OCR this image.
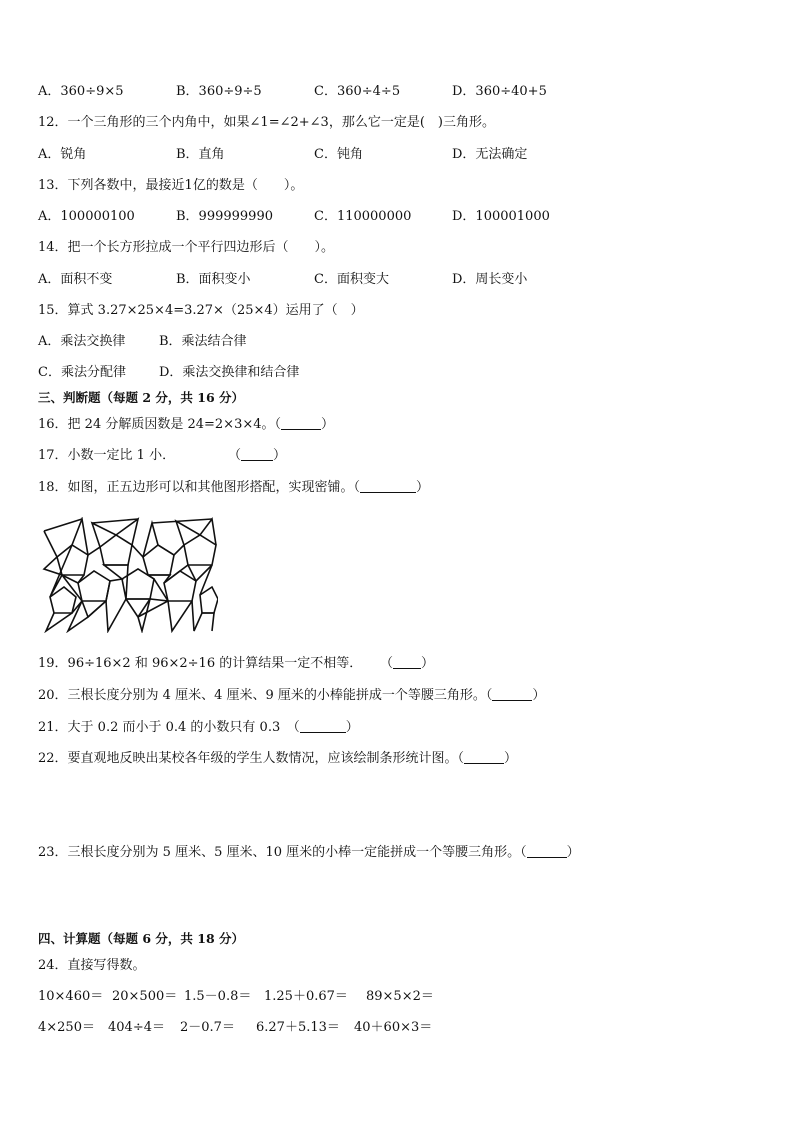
A．360÷9×5	B．360÷9÷5	C．360÷4÷5	D．360÷40+5
12．一个三角形的三个内角中，如果∠1=∠2+∠3，那么它一定是(　)三角形。
A．锐角	B．直角	C．钝角	D．无法确定
13．下列各数中，最接近1亿的数是（　　）。
A．100000100	B．999999990	C．110000000	D．100001000
14．把一个长方形拉成一个平行四边形后（　　）。
A．面积不变	B．面积变小	C．面积变大	D．周长变小
15．算式 3.27×25×4=3.27×（25×4）运用了（　）
A．乘法交换律	B．乘法结合律
C．乘法分配律	D．乘法交换律和结合律
三、判断题（每题 2 分，共 16 分）
16．把 24 分解质因数是 24=2×3×4。（	）
17．小数一定比 1 小．	（ ）
18．如图，正五边形可以和其他图形搭配，实现密铺。（	）
19．96÷16×2 和 96×2÷16 的计算结果一定不相等． （ ）
20．三根长度分别为 4 厘米、4 厘米、9 厘米的小棒能拼成一个等腰三角形。（	）
21．大于 0.2 而小于 0.4 的小数只有 0.3　（	）
22．要直观地反映出某校各年级的学生人数情况，应该绘制条形统计图。（	）
23．三根长度分别为 5 厘米、5 厘米、10 厘米的小棒一定能拼成一个等腰三角形。（	）
四、计算题（每题 6 分，共 18 分）
24．直接写得数。
10×460＝ 20×500＝ 1.5－0.8＝ 1.25＋0.67＝ 89×5×2＝
4×250＝ 404÷4＝ 2－0.7＝ 6.27＋5.13＝ 40＋60×3＝
